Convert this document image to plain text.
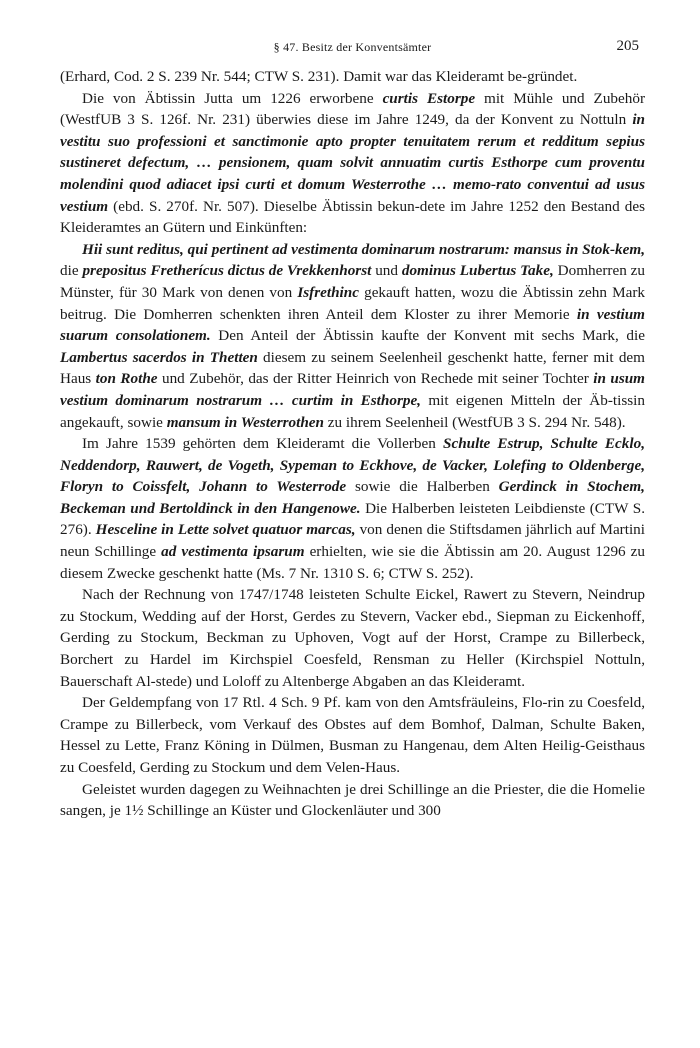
§ 47. Besitz der Konventsämter	205

(Erhard, Cod. 2 S. 239 Nr. 544; CTW S. 231). Damit war das Kleideramt be-gründet.

Die von Äbtissin Jutta um 1226 erworbene curtis Estorpe mit Mühle und Zubehör (WestfUB 3 S. 126f. Nr. 231) überwies diese im Jahre 1249, da der Konvent zu Nottuln in vestitu suo professioni et sanctimonie apto propter tenuitatem rerum et redditum sepius sustineret defectum, … pensionem, quam solvit annuatim curtis Esthorpe cum proventu molendini quod adiacet ipsi curti et domum Westerrothe … memo-rato conventui ad usus vestium (ebd. S. 270f. Nr. 507). Dieselbe Äbtissin bekun-dete im Jahre 1252 den Bestand des Kleideramtes an Gütern und Einkünften:

Hii sunt reditus, qui pertinent ad vestimenta dominarum nostrarum: mansus in Stok-kem, die prepositus Fretherícus dictus de Vrekkenhorst und dominus Lubertus Take, Domherren zu Münster, für 30 Mark von denen von Isfrethinc gekauft hatten, wozu die Äbtissin zehn Mark beitrug. Die Domherren schenkten ihren Anteil dem Kloster zu ihrer Memorie in vestium suarum consolationem. Den Anteil der Äbtissin kaufte der Konvent mit sechs Mark, die Lambertus sacerdos in Thetten diesem zu seinem Seelenheil geschenkt hatte, ferner mit dem Haus ton Rothe und Zubehör, das der Ritter Heinrich von Rechede mit seiner Tochter in usum vestium dominarum nostrarum … curtim in Esthorpe, mit eigenen Mitteln der Äb-tissin angekauft, sowie mansum in Westerrothen zu ihrem Seelenheil (WestfUB 3 S. 294 Nr. 548).

Im Jahre 1539 gehörten dem Kleideramt die Vollerben Schulte Estrup, Schulte Ecklo, Neddendorp, Rauwert, de Vogeth, Sypeman to Eckhove, de Vacker, Lolefing to Oldenberge, Floryn to Coissfelt, Johann to Westerrode sowie die Halberben Gerdinck in Stochem, Beckeman und Bertoldinck in den Hangenowe. Die Halberben leisteten Leibdienste (CTW S. 276). Hesceline in Lette solvet quatuor marcas, von denen die Stiftsdamen jährlich auf Martini neun Schillinge ad vestimenta ipsarum erhielten, wie sie die Äbtissin am 20. August 1296 zu diesem Zwecke geschenkt hatte (Ms. 7 Nr. 1310 S. 6; CTW S. 252).

Nach der Rechnung von 1747/1748 leisteten Schulte Eickel, Rawert zu Stevern, Neindrup zu Stockum, Wedding auf der Horst, Gerdes zu Stevern, Vacker ebd., Siepman zu Eickenhoff, Gerding zu Stockum, Beckman zu Uphoven, Vogt auf der Horst, Crampe zu Billerbeck, Borchert zu Hardel im Kirchspiel Coesfeld, Rensman zu Heller (Kirchspiel Nottuln, Bauerschaft Al-stede) und Loloff zu Altenberge Abgaben an das Kleideramt.

Der Geldempfang von 17 Rtl. 4 Sch. 9 Pf. kam von den Amtsfräuleins, Flo-rin zu Coesfeld, Crampe zu Billerbeck, vom Verkauf des Obstes auf dem Bomhof, Dalman, Schulte Baken, Hessel zu Lette, Franz Köning in Dülmen, Busman zu Hangenau, dem Alten Heilig-Geisthaus zu Coesfeld, Gerding zu Stockum und dem Velen-Haus.

Geleistet wurden dagegen zu Weihnachten je drei Schillinge an die Priester, die die Homelie sangen, je 1½ Schillinge an Küster und Glockenläuter und 300
